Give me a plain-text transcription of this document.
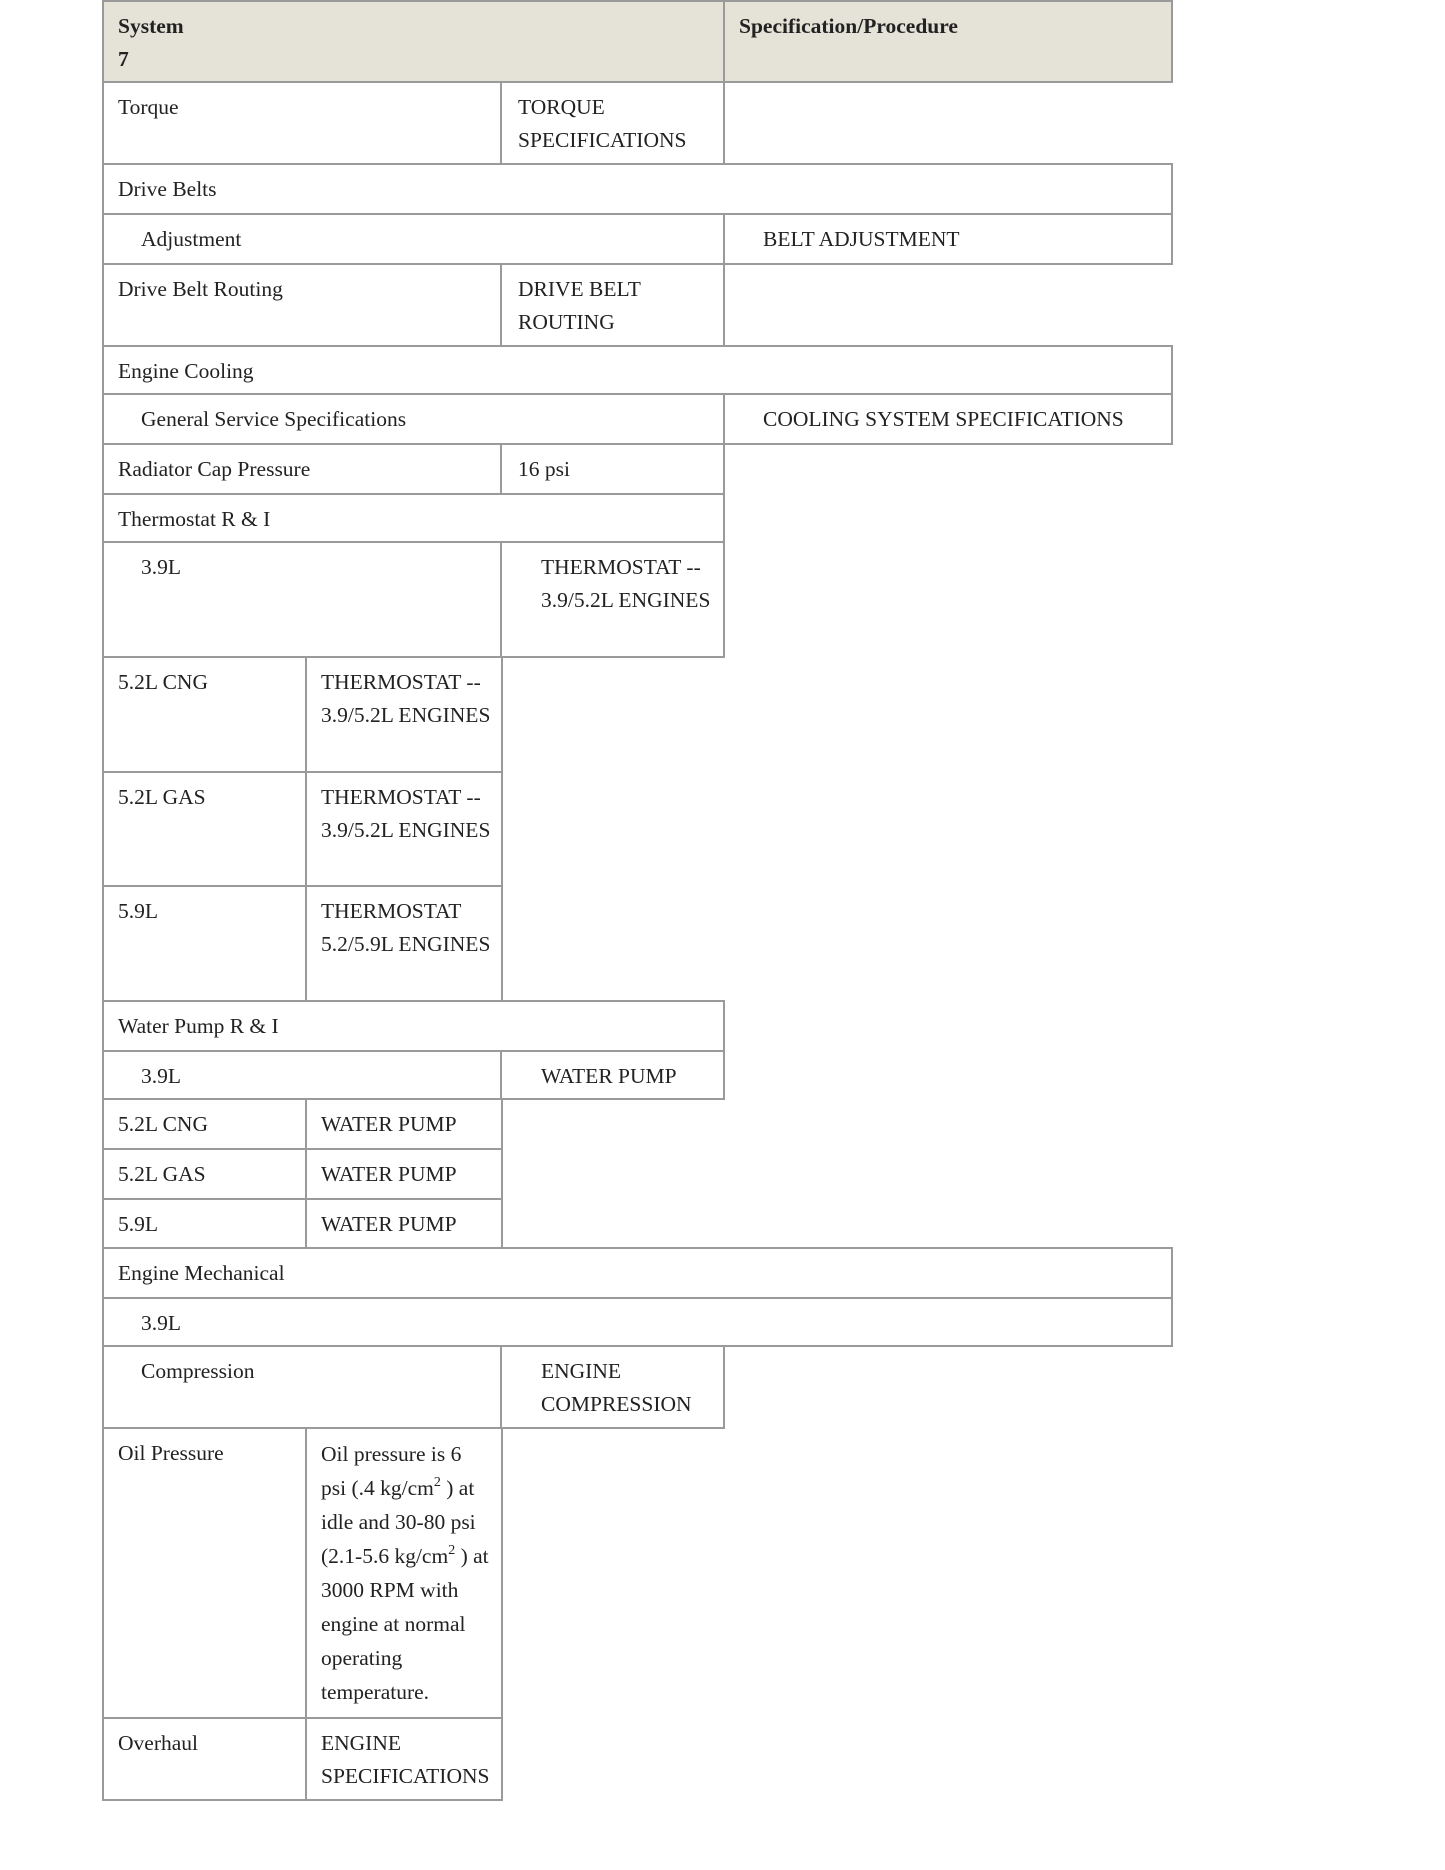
System
7
Specification/Procedure
Torque	TORQUE SPECIFICATIONS
Drive Belts
Adjustment	BELT ADJUSTMENT
Drive Belt Routing	DRIVE BELT ROUTING
Engine Cooling
General Service Specifications	COOLING SYSTEM SPECIFICATIONS
Radiator Cap Pressure	16 psi
Thermostat R & I
3.9L	THERMOSTAT -- 3.9/5.2L ENGINES
5.2L CNG	THERMOSTAT -- 3.9/5.2L ENGINES
5.2L GAS	THERMOSTAT -- 3.9/5.2L ENGINES
5.9L	THERMOSTAT 5.2/5.9L ENGINES
Water Pump R & I
3.9L	WATER PUMP
5.2L CNG	WATER PUMP
5.2L GAS	WATER PUMP
5.9L	WATER PUMP
Engine Mechanical
3.9L
Compression	ENGINE COMPRESSION
Oil Pressure	Oil pressure is 6 psi (.4 $kg/cm^2$ ) at idle and 30-80 psi (2.1-5.6 $kg/cm^2$ ) at 3000 RPM with engine at normal operating temperature.
Overhaul	ENGINE SPECIFICATIONS
